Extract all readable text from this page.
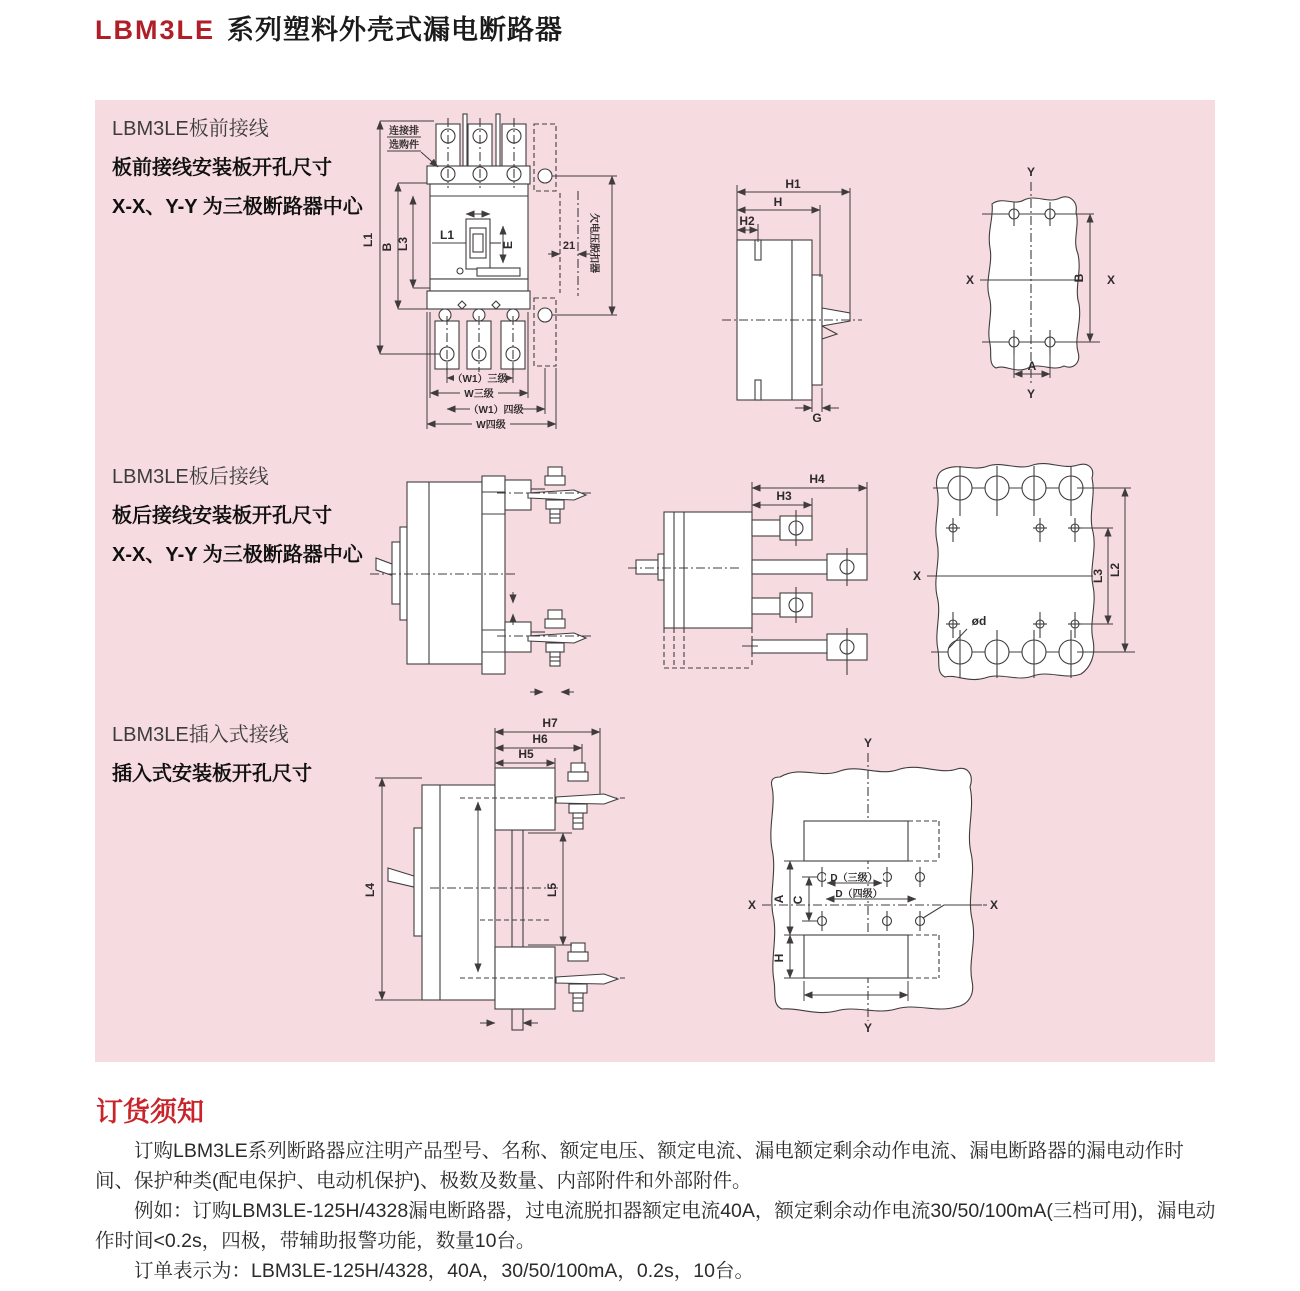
LBM3LE 系列塑料外壳式漏电断路器

LBM3LE板前接线

板前接线安装板开孔尺寸

X-X、Y-Y 为三极断路器中心

LBM3LE板后接线

板后接线安装板开孔尺寸

X-X、Y-Y 为三极断路器中心

LBM3LE插入式接线

插入式安装板开孔尺寸

连接排
选购件
L1 B L3
L1
E	21 欠电压脱扣器
（W1）三级
W三级
（W1）四级
W四级
H1
H
H2
G
Y
Y
X	X
B
A
H4
H3
X	L3 L2
ød
H7
H6
H5
L4	L5
Y
Y
X	X
D（三级）
D（四级）
A C
H
订货须知

订购LBM3LE系列断路器应注明产品型号、名称、额定电压、额定电流、漏电额定剩余动作电流、漏电断路器的漏电动作时间、保护种类(配电保护、电动机保护)、极数及数量、内部附件和外部附件。

例如：订购LBM3LE-125H/4328漏电断路器，过电流脱扣器额定电流40A，额定剩余动作电流30/50/100mA(三档可用)，漏电动作时间<0.2s，四极，带辅助报警功能，数量10台。

订单表示为：LBM3LE-125H/4328，40A，30/50/100mA，0.2s，10台。
